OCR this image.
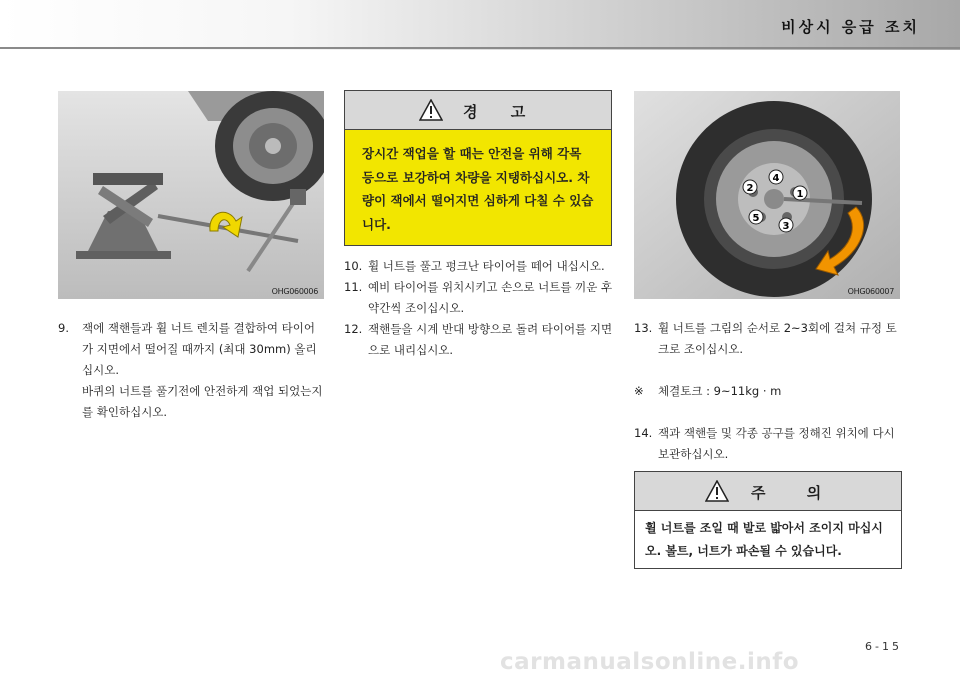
비상시 응급 조치
OHG060006
9. 잭에 잭핸들과 휠 너트 렌치를 결합하여 타이어가 지면에서 떨어질 때까지 (최대 30mm) 올리십시오.
바퀴의 너트를 풀기전에 안전하게 잭업 되었는지를 확인하십시오.
경 고
장시간 잭업을 할 때는 안전을 위해 각목 등으로 보강하여 차량을 지탱하십시오. 차량이 잭에서 떨어지면 심하게 다칠 수 있습니다.
10. 휠 너트를 풀고 펑크난 타이어를 떼어 내십시오.
11. 예비 타이어를 위치시키고 손으로 너트를 끼운 후 약간씩 조이십시오.
12. 잭핸들을 시계 반대 방향으로 돌려 타이어를 지면으로 내리십시오.
1
2
3
4
5
OHG060007
13. 휠 너트를 그림의 순서로 2~3회에 걸쳐 규정 토크로 조이십시오.
※ 체결토크 : 9~11kg · m
14. 잭과 잭핸들 및 각종 공구를 정해진 위치에 다시 보관하십시오.
주 의
휠 너트를 조일 때 발로 밟아서 조이지 마십시오. 볼트, 너트가 파손될 수 있습니다.
6-15
carmanualsonline.info
